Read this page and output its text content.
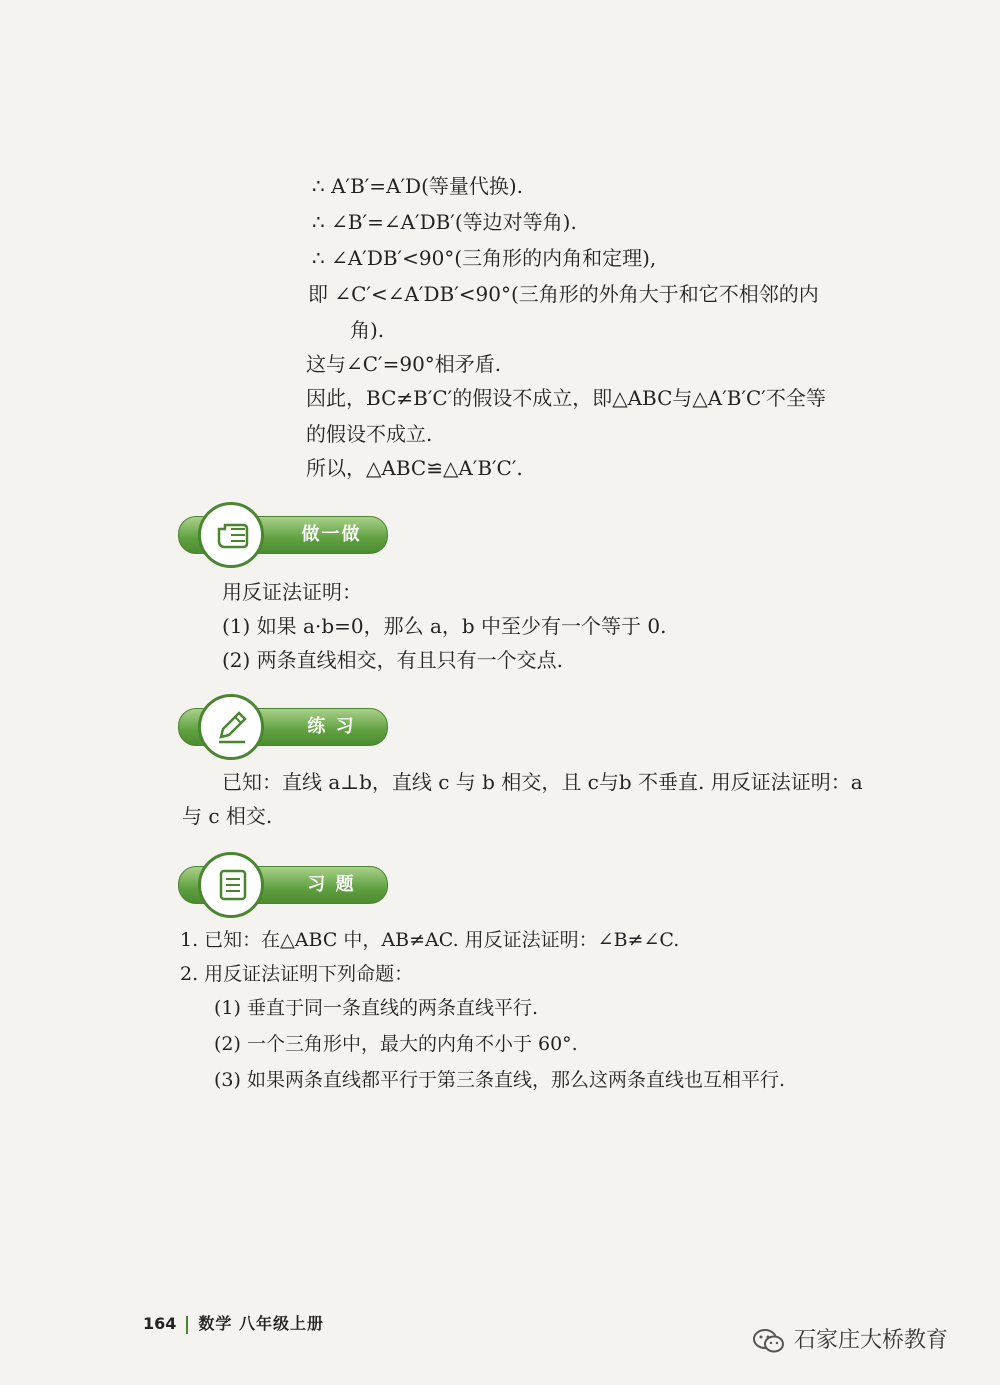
∴ A′B′=A′D(等量代换).
∴ ∠B′=∠A′DB′(等边对等角).
∴ ∠A′DB′<90°(三角形的内角和定理),
即 ∠C′<∠A′DB′<90°(三角形的外角大于和它不相邻的内
角).
这与∠C′=90°相矛盾.
因此，BC≠B′C′的假设不成立，即△ABC与△A′B′C′不全等
的假设不成立.
所以，△ABC≌△A′B′C′.
做一做
用反证法证明：
(1) 如果 a·b=0，那么 a，b 中至少有一个等于 0.
(2) 两条直线相交，有且只有一个交点.
练 习
已知：直线 a⊥b，直线 c 与 b 相交，且 c与b 不垂直. 用反证法证明：a
与 c 相交.
习 题
1. 已知：在△ABC 中，AB≠AC. 用反证法证明：∠B≠∠C.
2. 用反证法证明下列命题：
(1) 垂直于同一条直线的两条直线平行.
(2) 一个三角形中，最大的内角不小于 60°.
(3) 如果两条直线都平行于第三条直线，那么这两条直线也互相平行.
164 数学 八年级上册
石家庄大桥教育
